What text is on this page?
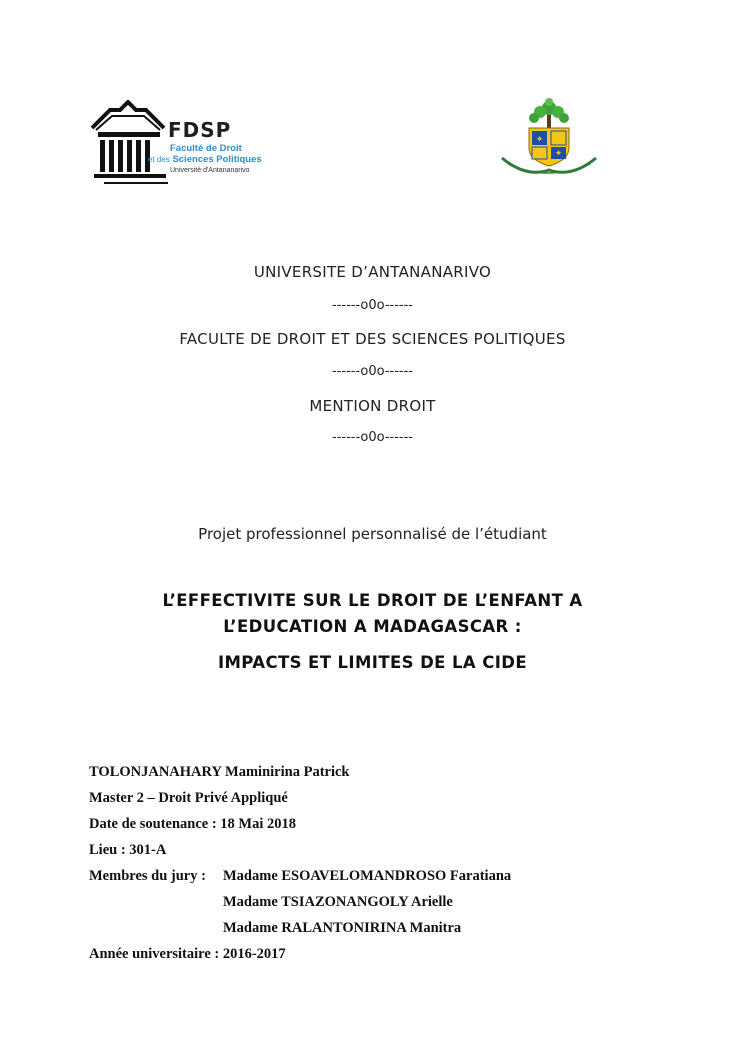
FDSP
Faculté de Droit
et des Sciences Politiques
Université d'Antananarivo
✦
✦
UNIVERSITE D’ANTANANARIVO
------o0o------
FACULTE DE DROIT ET DES SCIENCES POLITIQUES
------o0o------
MENTION DROIT
------o0o------
Projet professionnel personnalisé de l’étudiant
L’EFFECTIVITE SUR LE DROIT DE L’ENFANT A
L’EDUCATION A MADAGASCAR :
IMPACTS ET LIMITES DE LA CIDE
TOLONJANAHARY Maminirina Patrick
Master 2 – Droit Privé Appliqué
Date de soutenance : 18 Mai 2018
Lieu : 301-A
Membres du jury : Madame ESOAVELOMANDROSO Faratiana
Madame TSIAZONANGOLY Arielle
Madame RALANTONIRINA Manitra
Année universitaire : 2016-2017
